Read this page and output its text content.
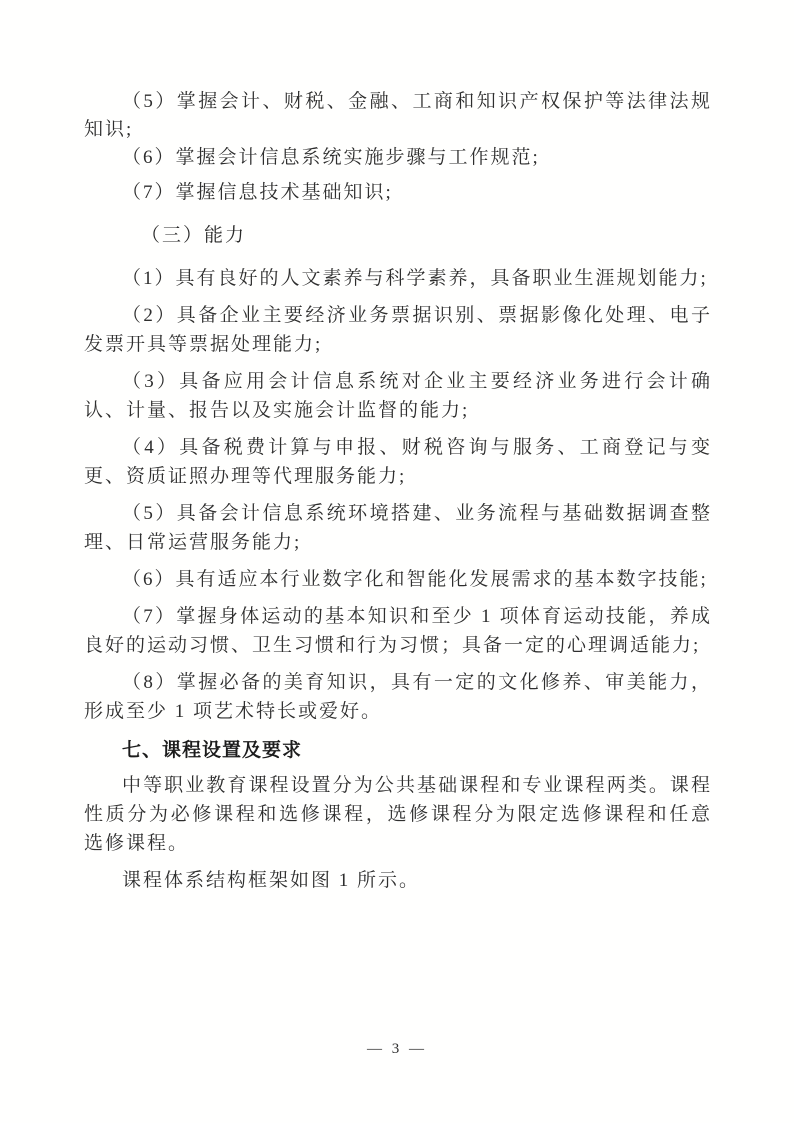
（5）掌握会计、财税、金融、工商和知识产权保护等法律法规知识;

（6）掌握会计信息系统实施步骤与工作规范;

（7）掌握信息技术基础知识;

（三）能力

（1）具有良好的人文素养与科学素养，具备职业生涯规划能力;

（2）具备企业主要经济业务票据识别、票据影像化处理、电子发票开具等票据处理能力;

（3）具备应用会计信息系统对企业主要经济业务进行会计确认、计量、报告以及实施会计监督的能力;

（4）具备税费计算与申报、财税咨询与服务、工商登记与变更、资质证照办理等代理服务能力;

（5）具备会计信息系统环境搭建、业务流程与基础数据调查整理、日常运营服务能力;

（6）具有适应本行业数字化和智能化发展需求的基本数字技能;

（7）掌握身体运动的基本知识和至少 1 项体育运动技能，养成良好的运动习惯、卫生习惯和行为习惯；具备一定的心理调适能力;

（8）掌握必备的美育知识，具有一定的文化修养、审美能力，形成至少 1 项艺术特长或爱好。

七、课程设置及要求

中等职业教育课程设置分为公共基础课程和专业课程两类。课程性质分为必修课程和选修课程，选修课程分为限定选修课程和任意选修课程。

课程体系结构框架如图 1 所示。

— 3 —
